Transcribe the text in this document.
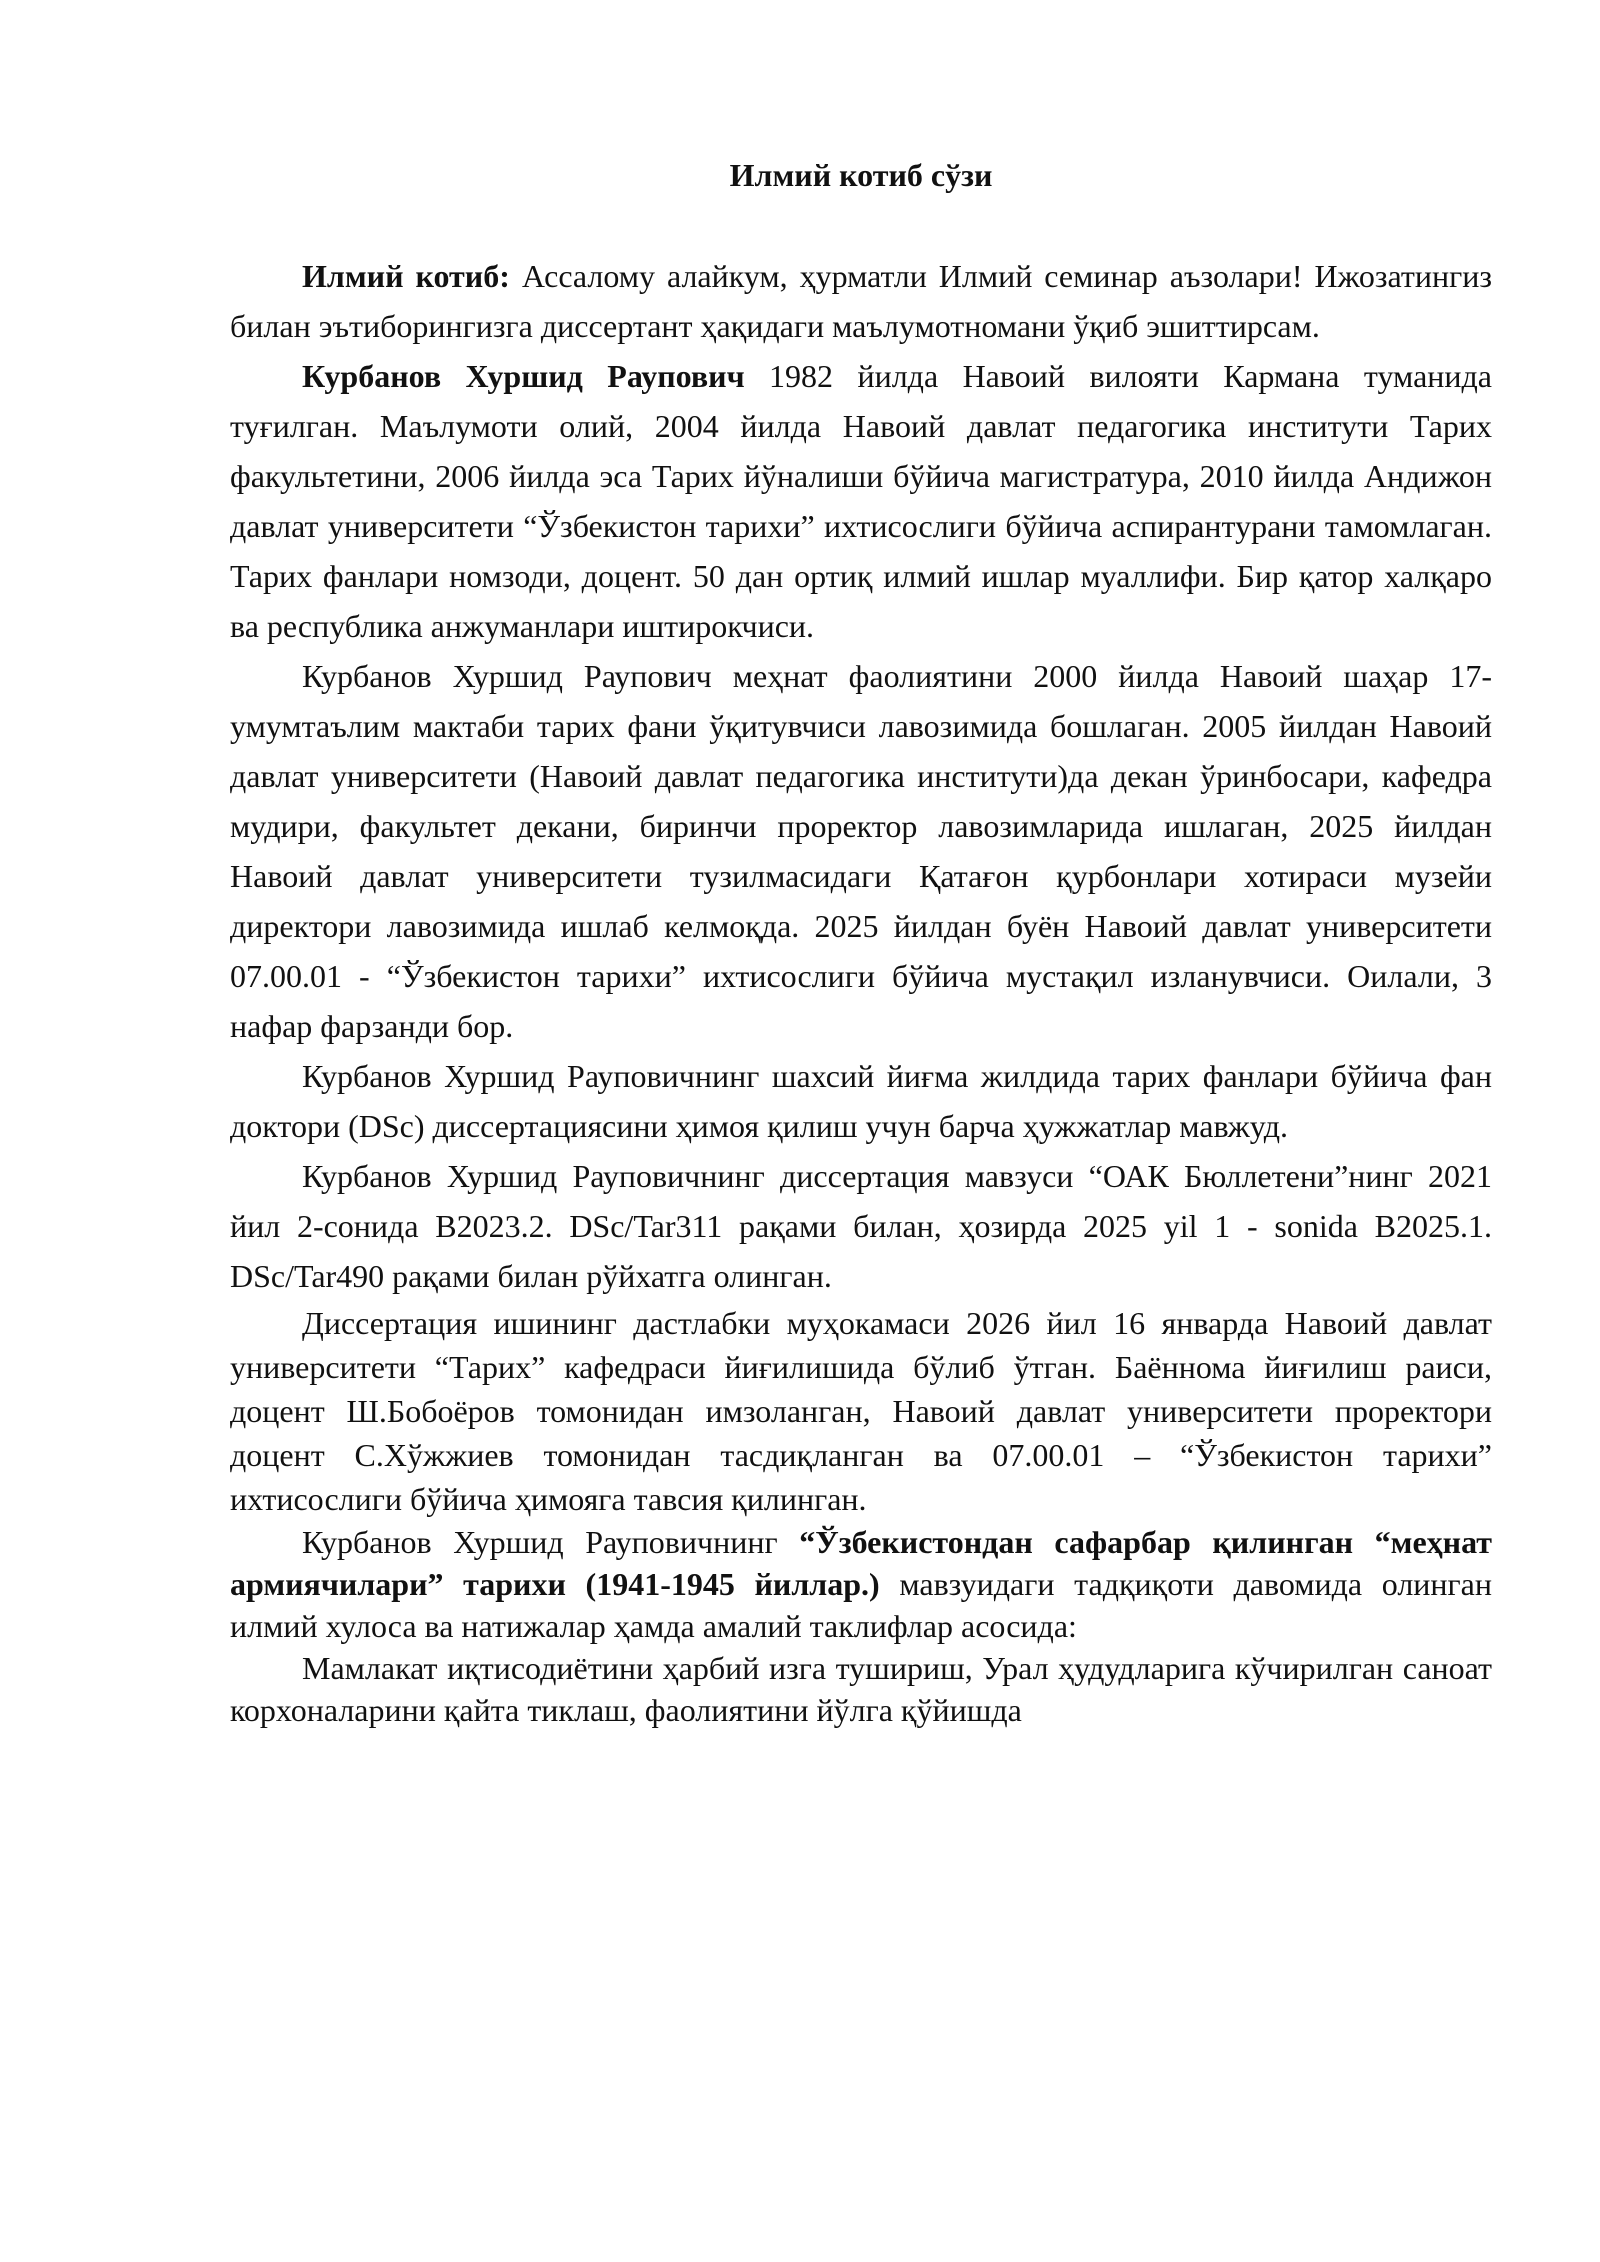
Илмий котиб сўзи

Илмий котиб: Ассалому алайкум, ҳурматли Илмий семинар аъзолари! Ижозатингиз билан эътиборингизга диссертант ҳақидаги маълумотномани ўқиб эшиттирсам.

Курбанов Хуршид Раупович 1982 йилда Навоий вилояти Кармана туманида туғилган. Маълумоти олий, 2004 йилда Навоий давлат педагогика институти Тарих факультетини, 2006 йилда эса Тарих йўналиши бўйича магистратура, 2010 йилда Андижон давлат университети “Ўзбекистон тарихи” ихтисослиги бўйича аспирантурани тамомлаган. Тарих фанлари номзоди, доцент. 50 дан ортиқ илмий ишлар муаллифи. Бир қатор халқаро ва республика анжуманлари иштирокчиси.

Курбанов Хуршид Раупович меҳнат фаолиятини 2000 йилда Навоий шаҳар 17-умумтаълим мактаби тарих фани ўқитувчиси лавозимида бошлаган. 2005 йилдан Навоий давлат университети (Навоий давлат педагогика институти)да декан ўринбосари, кафедра мудири, факультет декани, биринчи проректор лавозимларида ишлаган, 2025 йилдан Навоий давлат университети тузилмасидаги Қатағон қурбонлари хотираси музейи директори лавозимида ишлаб келмоқда. 2025 йилдан буён Навоий давлат университети 07.00.01 - “Ўзбекистон тарихи” ихтисослиги бўйича мустақил изланувчиси. Оилали, 3 нафар фарзанди бор.

Курбанов Хуршид Рауповичнинг шахсий йиғма жилдида тарих фанлари бўйича фан доктори (DSc) диссертациясини ҳимоя қилиш учун барча ҳужжатлар мавжуд.

Курбанов Хуршид Рауповичнинг диссертация мавзуси “ОАК Бюллетени”нинг 2021 йил 2-сонида B2023.2. DSc/Tar311 рақами билан, ҳозирда 2025 yil 1 - sonida B2025.1. DSc/Tar490 рақами билан рўйхатга олинган.

Диссертация ишининг дастлабки муҳокамаси 2026 йил 16 январда Навоий давлат университети “Тарих” кафедраси йиғилишида бўлиб ўтган. Баённома йиғилиш раиси, доцент Ш.Бобоёров томонидан имзоланган, Навоий давлат университети проректори доцент С.Хўжжиев томонидан тасдиқланган ва 07.00.01 – “Ўзбекистон тарихи” ихтисослиги бўйича ҳимояга тавсия қилинган.

Курбанов Хуршид Рауповичнинг “Ўзбекистондан сафарбар қилинган “меҳнат армиячилари” тарихи (1941-1945 йиллар.) мавзуидаги тадқиқоти давомида олинган илмий хулоса ва натижалар ҳамда амалий таклифлар асосида:

Мамлакат иқтисодиётини ҳарбий изга тушириш, Урал ҳудудларига кўчирилган саноат корхоналарини қайта тиклаш, фаолиятини йўлга қўйишда
